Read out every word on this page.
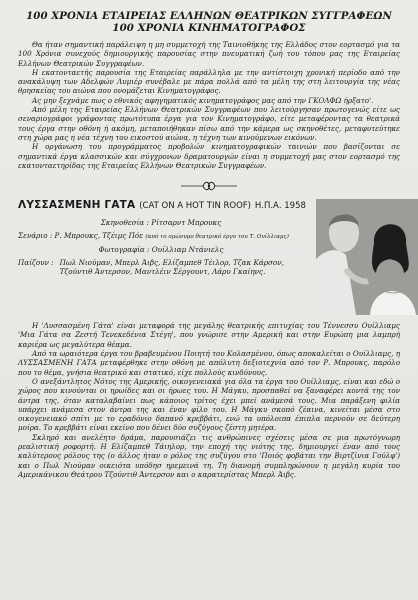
100 ΧΡΟΝΙΑ ΕΤΑΙΡΕΙΑΣ ΕΛΛΗΝΩΝ ΘΕΑΤΡΙΚΩΝ ΣΥΓΓΡΑΦΕΩΝ
100 ΧΡΟΝΙΑ ΚΙΝΗΜΑΤΟΓΡΑΦΟΣ

Θα ήταν σημαντική παράλειψη η μη συμμετοχή της Ταινιοθήκης της Ελλάδος στον εορτασμό για τα 100 Χρόνια συνεχούς δημιουργικής παρουσίας στην πνευματική ζωή του τόπου μας της Εταιρείας Ελλήνων Θεατρικών Συγγραφέων.

Η εκατονταετής παρουσία της Εταιρείας παράλληλα με την αντίστοιχη χρονική περίοδο από την ανακάλυψη των Αδελφών Λυμιέρ συνέβαλε με πάρα πολλά από τα μέλη της στη λειτουργία της νέας θρησκείας του αιώνα που ονομάζεται Κινηματογράφος.

Ας μην ξεχνάμε πως ο εθνικός αφηγηματικός κινηματογράφος μας από την ΓΚΟΛΦΩ ήρξατο'.

Από μέλη της Εταιρείας Ελλήνων Θεατρικών Συγγραφέων που λειτούργησαν πρωτογενώς είτε ως σεναριογράφοι γράφοντας πρωτότυπα έργα για τον Κινηματογράφο, είτε μεταφέροντας τα θεατρικά τους έργα στην οθόνη ή ακόμη, μεταποιήθηκαν πίσω από την κάμερα ως σκηνοθέτες, μεταφυτεύτηκε στη χώρα μας η νέα τέχνη του εικοστού αιώνα, η τέχνη των κινούμενων εικόνων.

Η οργάνωση του προγράμματος προβολών κινηματογραφικών ταινιών που βασίζονται σε σημαντικά έργα κλασσικών και σύγχρονων δραματουργών είναι η συμμετοχή μας στον εορτασμό της εκατονταετηρίδας της Εταιρείας Ελλήνων Θεατρικών Συγγραφέων.

ΛΥΣΣΑΣΜΕΝΗ ΓΑΤΑ (CAT ON A HOT TIN ROOF) Η.Π.Α. 1958
Σκηνοθεσία : Ρίτσαρντ Μπρουκς
Σενάριο : Ρ. Μπρουκς, Τζέιμς Πόε (από το ομώνυμο θεατρικό έργο του Τ. Ουίλλιαμς)
Φωτογραφία : Ουίλλιαμ Ντάνιελς
Παίζουν : Πωλ Νιούμαν, Μπερλ Άιβς, Ελίζαμπεθ Τέιλορ, Τζακ Κάρσον, Τζούντιθ Άντερσον, Μαντλέιν Σέργουντ, Λάρυ Γκαίηνς.

Η 'Λυσσασμένη Γάτα' είναι μεταφορά της μεγάλης θεατρικής επιτυχίας του Τέννεσσυ Ουίλλιαμς 'Μια Γάτα σα Ζεστή Τενεκεδένια Στέγη', που γνώρισε στην Αμερική και στην Ευρώπη μια λαμπρή καριέρα ως μεγαλύτερα θέαμα.

Από τα ωραιότερα έργα του βραβευμένου Ποιητή του Κολασμένου, όπως αποκαλείται ο Ουίλλιαμς, η ΛΥΣΣΑΣΜΕΝΗ ΓΑΤΑ μεταφέρθηκε στην οθόνη με απόλυτη δεξιοτεχνία από τον Ρ. Μπρουκς, παρόλο που το θέμα, γνήσια θεατρικό και στατικό, είχε πολλούς κινδύνους.

Ο ανεξάντλητος Νότος της Αμερικής, οικογενειακά για όλα τα έργα του Ουίλλιαμς, είναι και εδώ ο χώρος που κινούνται οι ηρωίδες και οι ήρωες του. Η Μάγκυ, προσπαθεί να ξαναφέρει κοντά της τον άντρα της, όταν καταλαβαίνει πως κάποιος τρίτος έχει μπεί ανάμεσά τους. Μια παράξενη φιλία υπάρχει ανάμεσα στον άντρα της και έναν φίλο του. Η Μάγκυ σκοπό ζέαινα, κινείται μέσα στο οικογενειακό σπίτι με το εραδόνιο δαπανό κρεββάτι, ενώ τα υπόλοιπα έπιπλα περνούν σε δεύτερη μοίρα. Το κρεββάτι είναι εκείνο που δένει δύο συζύγους ζέστη μητέρα.

Σκληρό και ανελέητο δράμα, παρουσιάζει τις ανθρώπινες σχέσεις μέσα σε μια πρωτόγνωρη ρεαλιστική ροφορτή. Η Ελίζαμπεθ Τάιηλορ, την εποχή της νιότης της, δημιουργεί έναν από τους καλύτερους ρόλους της (ο άλλος ήταν ο ρόλος της συζύγου στο 'Ποιός φοβάται την Βιρτζίνια Γούλφ') και ο Πωλ Νιούμαν οικειότα υπόδησ ηρεμεινά τη. Τη διανομή συμπληρώνουν η μεγάλη κυρία του Αμερικάνικου Θεάτρου Τζούντιθ Άντερσον και ο καρατερίστας Μπερλ Άιβς.
